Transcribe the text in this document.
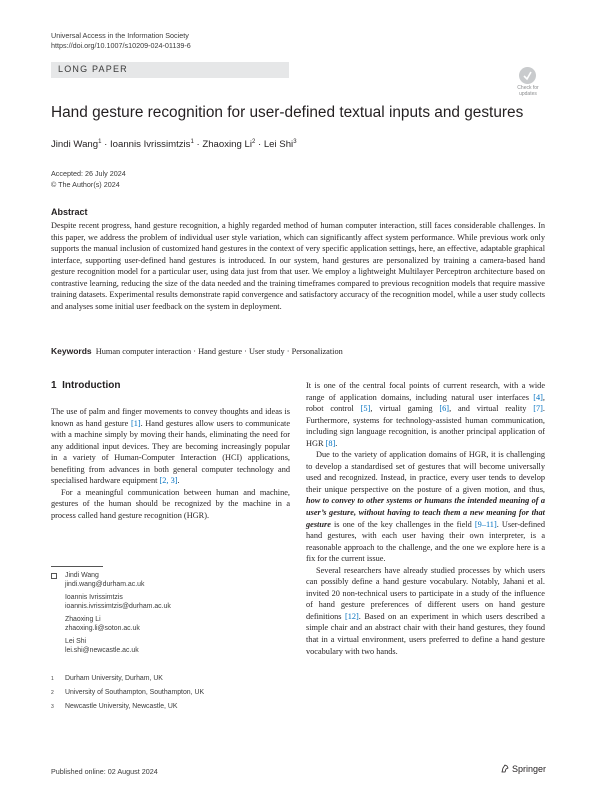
Universal Access in the Information Society
https://doi.org/10.1007/s10209-024-01139-6
LONG PAPER
Check for
updates
Hand gesture recognition for user-defined textual inputs and gestures
Jindi Wang$^1$ · Ioannis Ivrissimtzis$^1$ · Zhaoxing $Li^2$ · Lei Shi$^3$
Accepted: 26 July 2024
© The Author(s) 2024
Abstract
Despite recent progress, hand gesture recognition, a highly regarded method of human computer interaction, still faces considerable challenges. In this paper, we address the problem of individual user style variation, which can significantly affect system performance. While previous work only supports the manual inclusion of customized hand gestures in the context of very specific application settings, here, an effective, adaptable graphical interface, supporting user-defined hand gestures is introduced. In our system, hand gestures are personalized by training a camera-based hand gesture recognition model for a particular user, using data just from that user. We employ a lightweight Multilayer Perceptron architecture based on contrastive learning, reducing the size of the data needed and the training timeframes compared to previous recognition models that require massive training datasets. Experimental results demonstrate rapid convergence and satisfactory accuracy of the recognition model, while a user study collects and analyses some initial user feedback on the system in deployment.
Keywords Human computer interaction · Hand gesture · User study · Personalization
1 Introduction

The use of palm and finger movements to convey thoughts and ideas is known as hand gesture [1]. Hand gestures allow users to communicate with a machine simply by moving their hands, eliminating the need for any additional input devices. They are becoming increasingly popular in a variety of Human-Computer Interaction (HCI) applications, benefiting from advances in both general computer technology and specialised hardware equipment [2, 3].

For a meaningful communication between human and machine, gestures of the human should be recognized by the machine in a process called hand gesture recognition (HGR).

It is one of the central focal points of current research, with a wide range of application domains, including natural user interfaces [4], robot control [5], virtual gaming [6], and virtual reality [7]. Furthermore, systems for technology-assisted human communication, including sign language recognition, is another principal application of HGR [8].

Due to the variety of application domains of HGR, it is challenging to develop a standardised set of gestures that will become universally used and recognized. Instead, in practice, every user tends to develop their unique perspective on the posture of a given motion, and thus, how to convey to other systems or humans the intended meaning of a user’s gesture, without having to teach them a new meaning for that gesture is one of the key challenges in the field [9–11]. User-defined hand gestures, with each user having their own interpreter, is a reasonable approach to the challenge, and the one we explore here is a fix for the current issue.

Several researchers have already studied processes by which users can possibly define a hand gesture vocabulary. Notably, Jahani et al. invited 20 non-technical users to participate in a study of the influence of hand gesture preferences of different users on hand gesture definitions [12]. Based on an experiment in which users described a simple chair and an abstract chair with their hand gestures, they found that in a virtual environment, users preferred to define a hand gesture vocabulary with two hands.

Jindi Wang
jindi.wang@durham.ac.uk
Ioannis Ivrissimtzis
ioannis.ivrissimtzis@durham.ac.uk
Zhaoxing Li
zhaoxing.li@soton.ac.uk
Lei Shi
lei.shi@newcastle.ac.uk
1 Durham University, Durham, UK
2 University of Southampton, Southampton, UK
3 Newcastle University, Newcastle, UK
Published online: 02 August 2024	Springer
